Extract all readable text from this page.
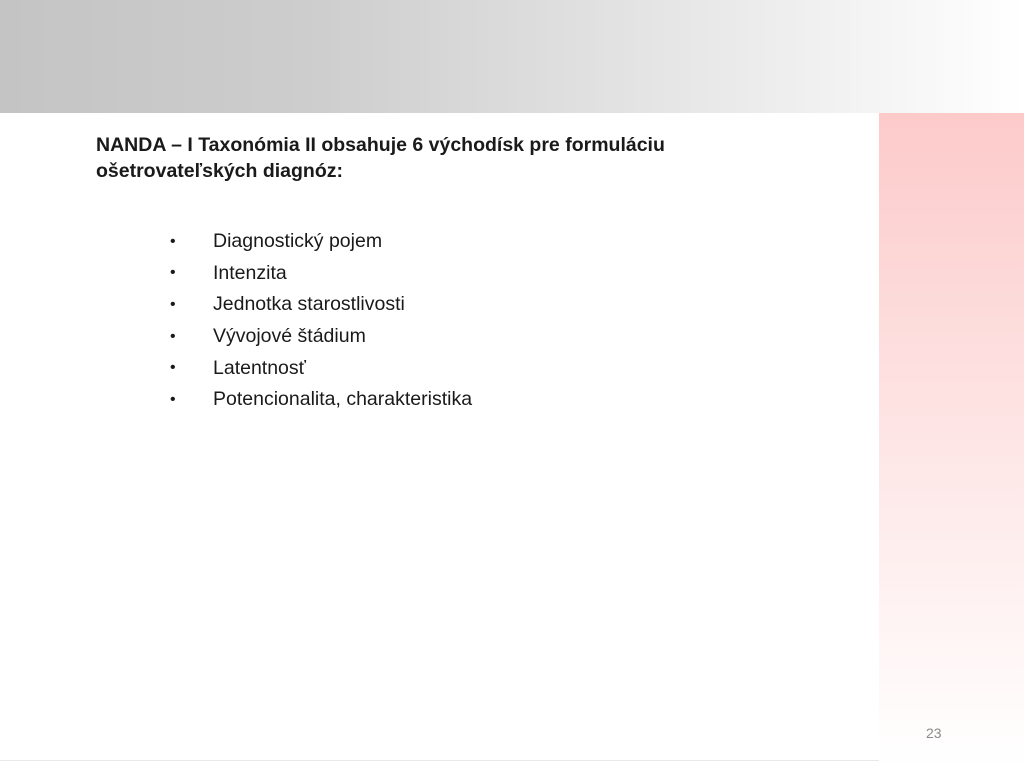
NANDA – I Taxonómia II obsahuje 6 východísk pre formuláciu ošetrovateľských diagnóz:

•	Diagnostický pojem
•	Intenzita
•	Jednotka starostlivosti
•	Vývojové štádium
•	Latentnosť
•	Potencionalita, charakteristika
23
